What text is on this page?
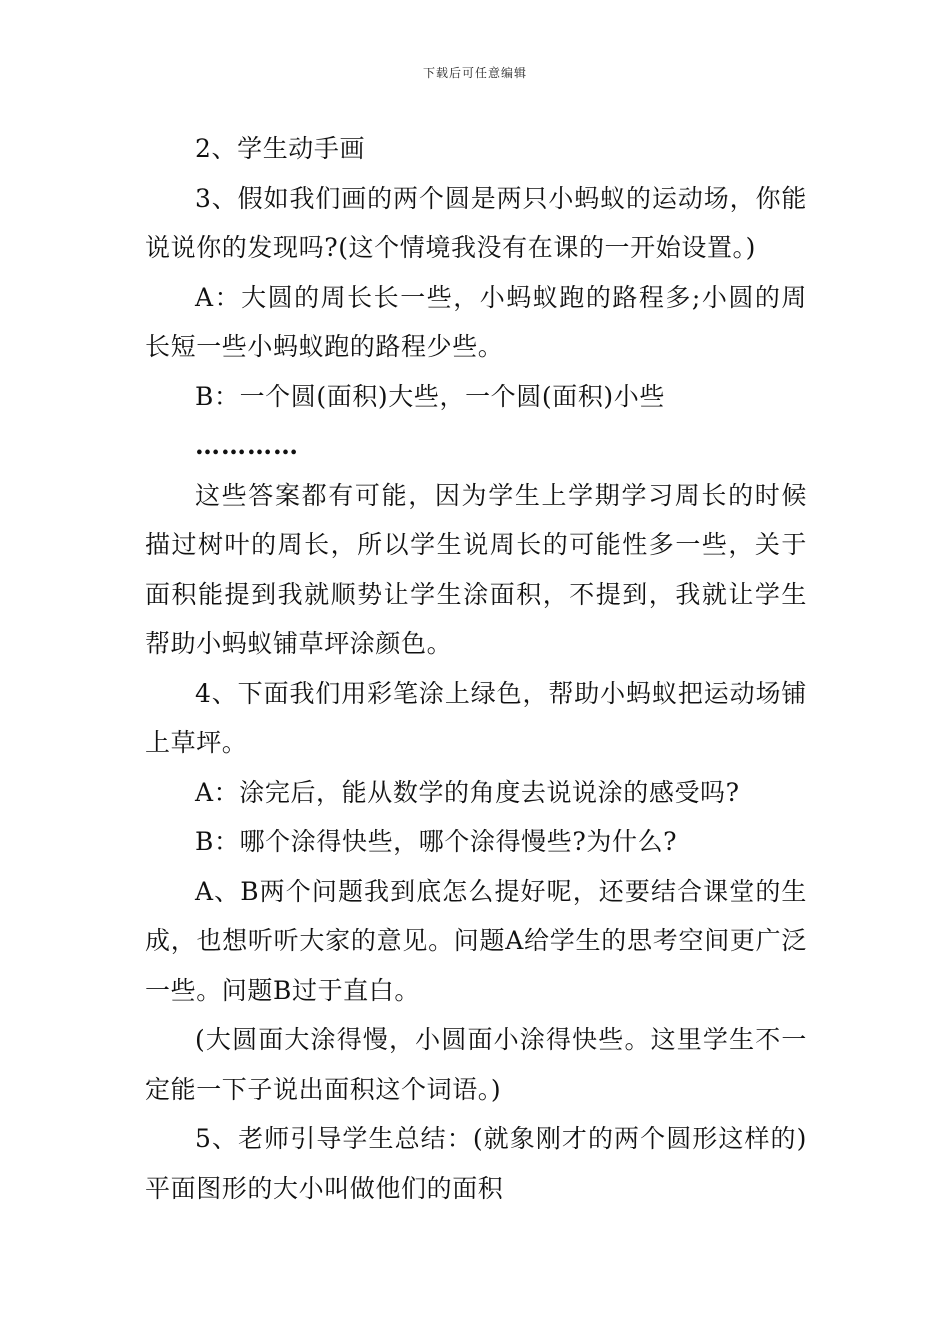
下载后可任意编辑

2、学生动手画

3、假如我们画的两个圆是两只小蚂蚁的运动场，你能说说你的发现吗?(这个情境我没有在课的一开始设置。)

A：大圆的周长长一些，小蚂蚁跑的路程多;小圆的周长短一些小蚂蚁跑的路程少些。

B：一个圆(面积)大些，一个圆(面积)小些

…………

这些答案都有可能，因为学生上学期学习周长的时候描过树叶的周长，所以学生说周长的可能性多一些，关于面积能提到我就顺势让学生涂面积，不提到，我就让学生帮助小蚂蚁铺草坪涂颜色。

4、下面我们用彩笔涂上绿色，帮助小蚂蚁把运动场铺上草坪。

A：涂完后，能从数学的角度去说说涂的感受吗?

B：哪个涂得快些，哪个涂得慢些?为什么?

A、B两个问题我到底怎么提好呢，还要结合课堂的生成，也想听听大家的意见。问题A给学生的思考空间更广泛一些。问题B过于直白。

(大圆面大涂得慢，小圆面小涂得快些。这里学生不一定能一下子说出面积这个词语。)

5、老师引导学生总结：(就象刚才的两个圆形这样的)平面图形的大小叫做他们的面积
